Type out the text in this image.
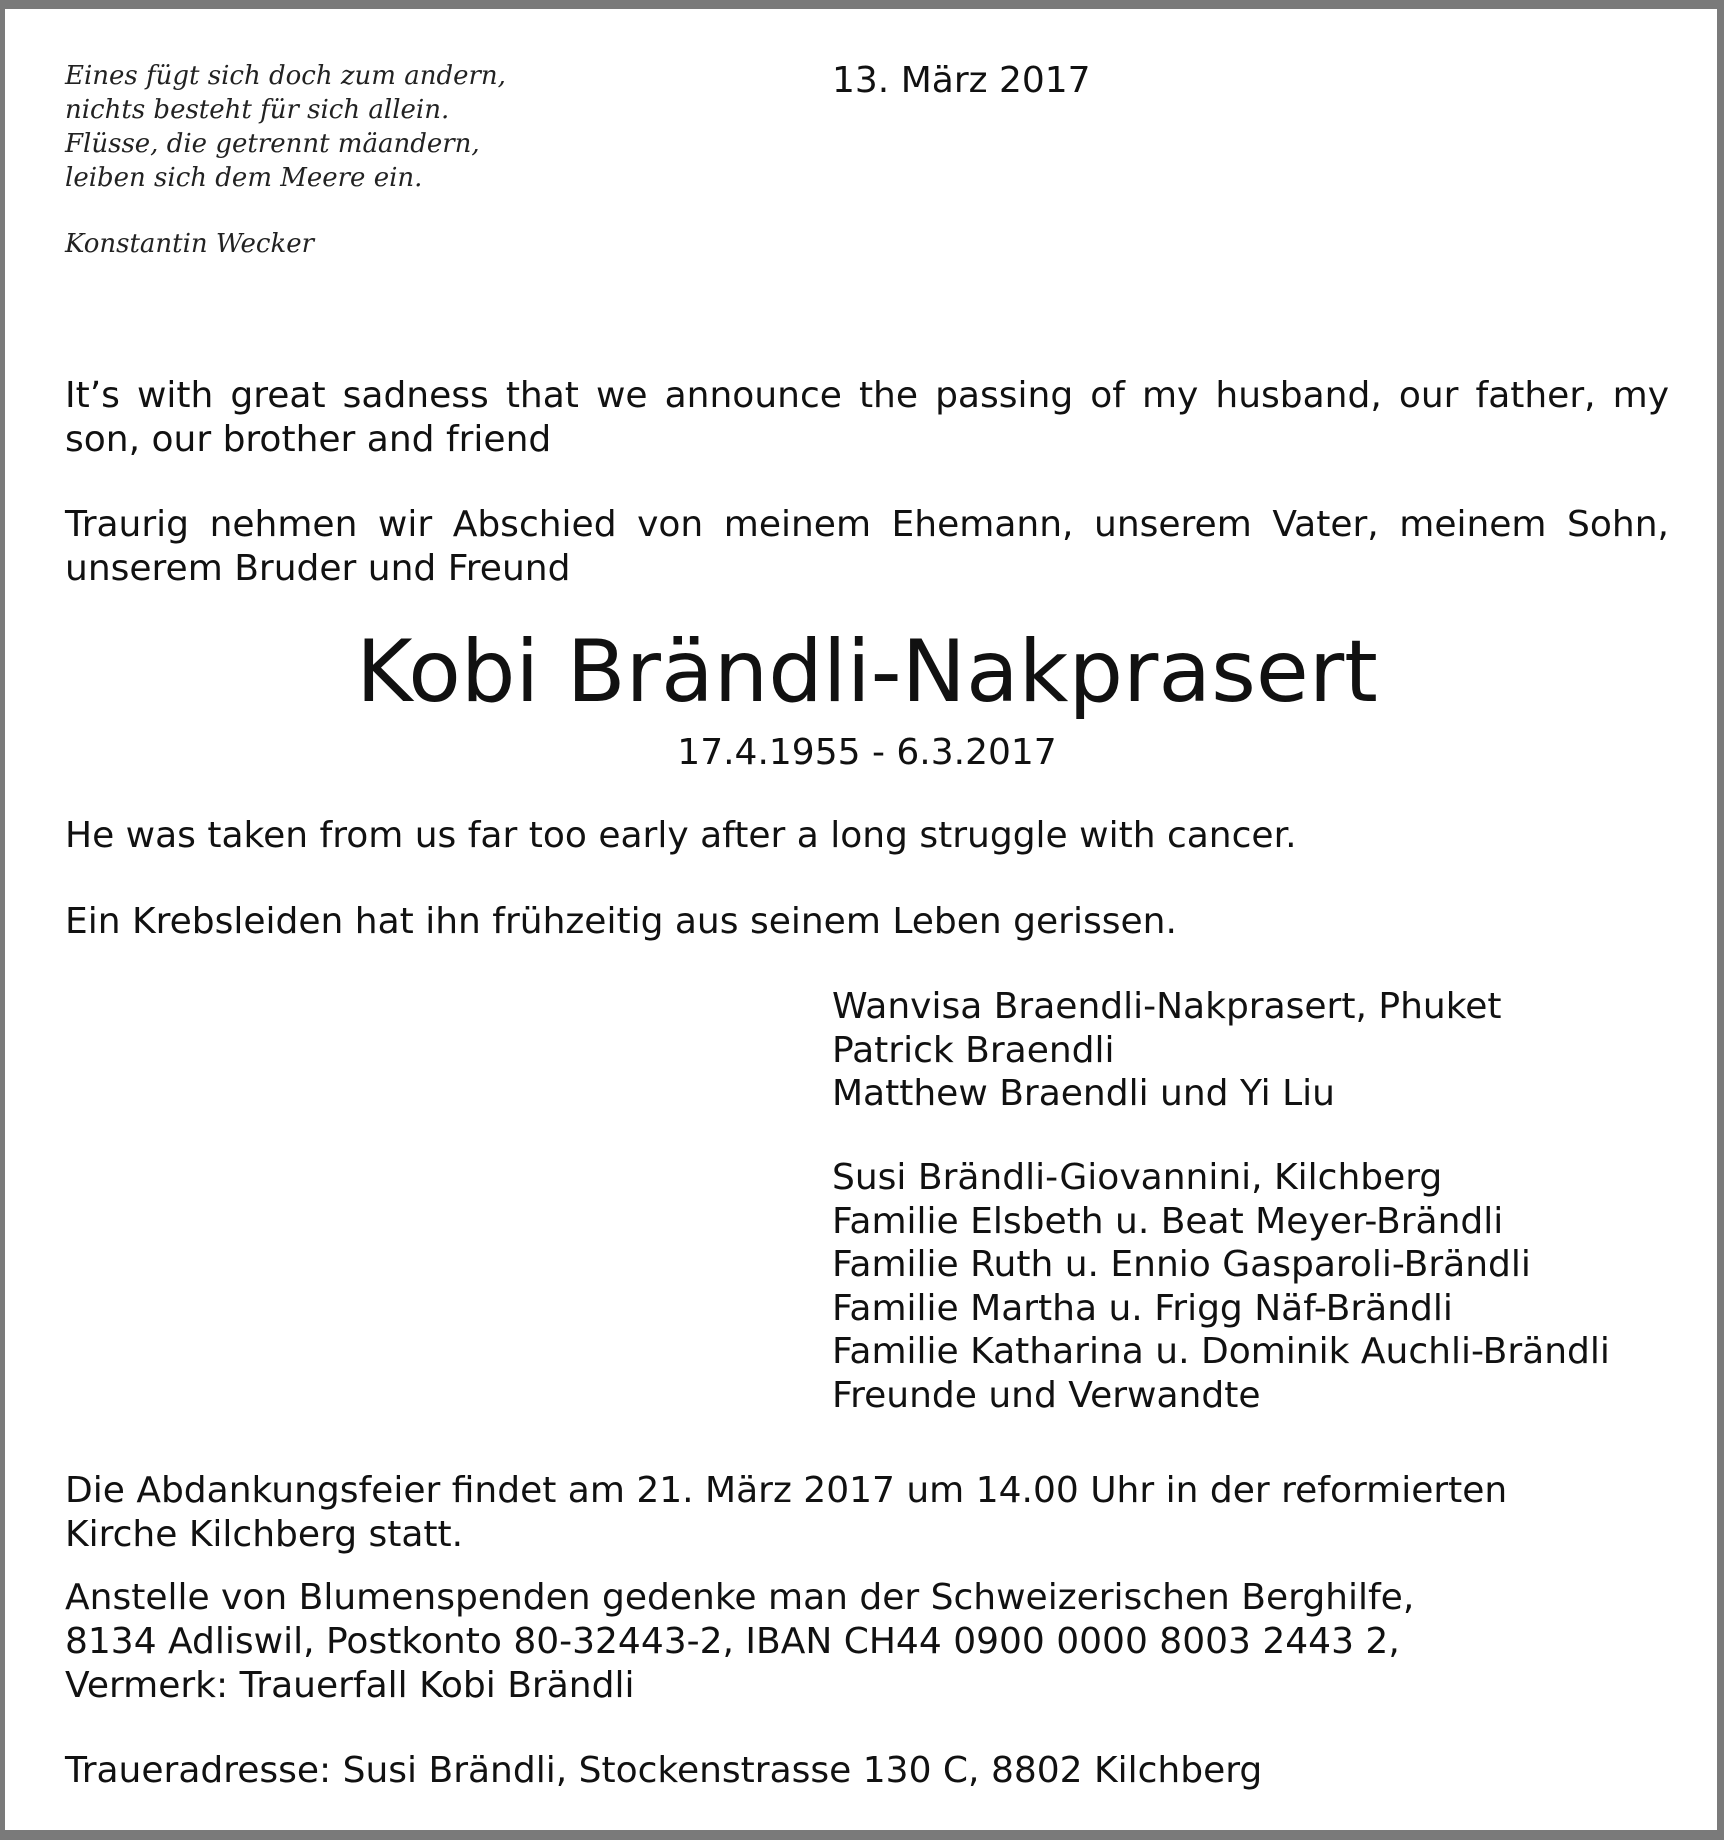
Eines fügt sich doch zum andern,
nichts besteht für sich allein.
Flüsse, die getrennt mäandern,
leiben sich dem Meere ein.
Konstantin Wecker
13. März 2017

It’s with great sadness that we announce the passing of my husband, our father, my son, our brother and friend

Traurig nehmen wir Abschied von meinem Ehemann, unserem Vater, meinem Sohn, unserem Bruder und Freund

Kobi Brändli-Nakprasert
17.4.1955 - 6.3.2017
He was taken from us far too early after a long struggle with cancer.
Ein Krebsleiden hat ihn frühzeitig aus seinem Leben gerissen.
Wanvisa Braendli-Nakprasert, Phuket
Patrick Braendli
Matthew Braendli und Yi Liu
Susi Brändli-Giovannini, Kilchberg
Familie Elsbeth u. Beat Meyer-Brändli
Familie Ruth u. Ennio Gasparoli-Brändli
Familie Martha u. Frigg Näf-Brändli
Familie Katharina u. Dominik Auchli-Brändli
Freunde und Verwandte
Die Abdankungsfeier findet am 21. März 2017 um 14.00 Uhr in der reformierten
Kirche Kilchberg statt.
Anstelle von Blumenspenden gedenke man der Schweizerischen Berghilfe,
8134 Adliswil, Postkonto 80-32443-2, IBAN CH44 0900 0000 8003 2443 2,
Vermerk: Trauerfall Kobi Brändli
Traueradresse: Susi Brändli, Stockenstrasse 130 C, 8802 Kilchberg
